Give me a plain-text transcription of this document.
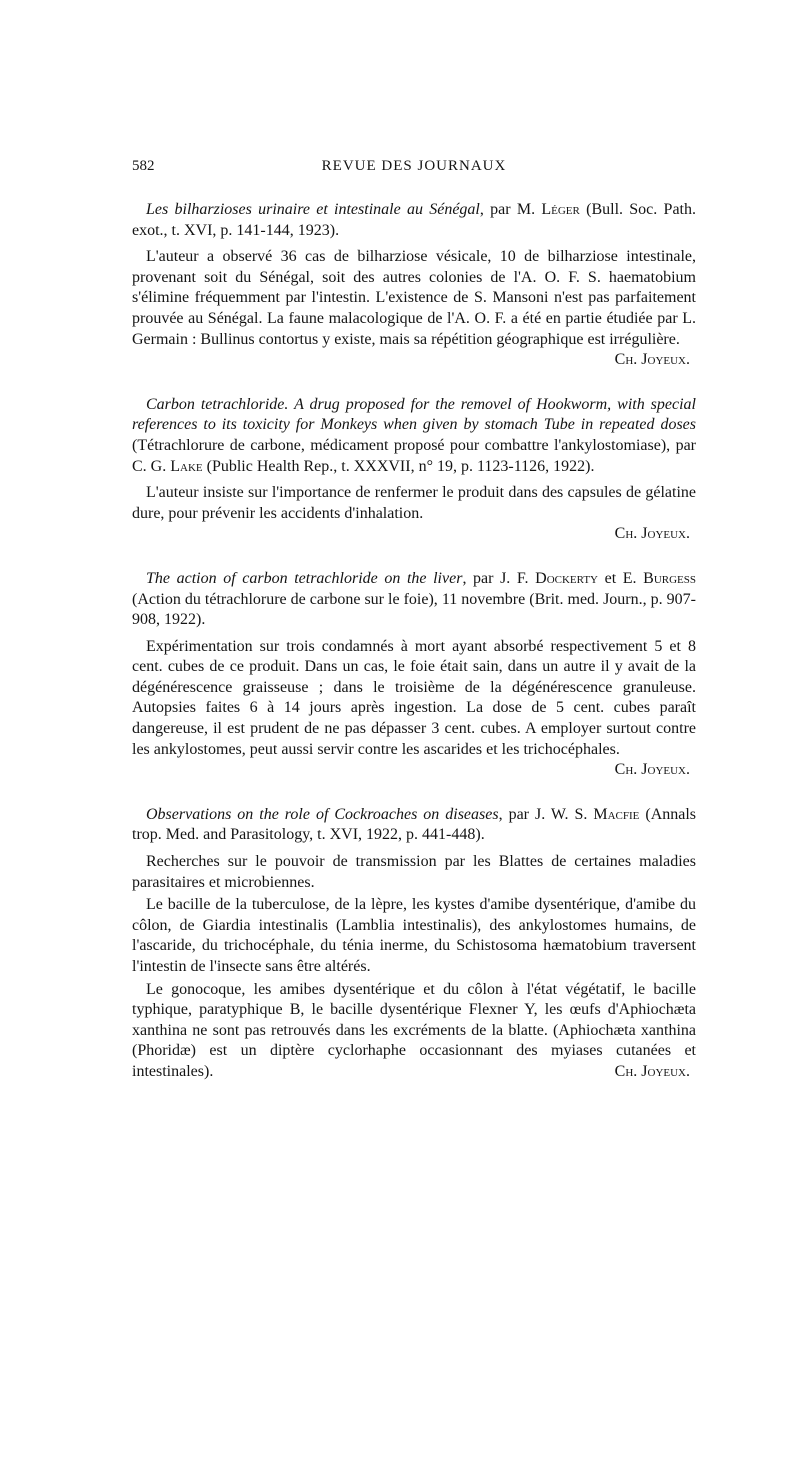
582	REVUE DES JOURNAUX

Les bilharzioses urinaire et intestinale au Sénégal, par M. Léger (Bull. Soc. Path. exot., t. XVI, p. 141-144, 1923).

L'auteur a observé 36 cas de bilharziose vésicale, 10 de bilharziose intestinale, provenant soit du Sénégal, soit des autres colonies de l'A. O. F. S. haematobium s'élimine fréquemment par l'intestin. L'existence de S. Mansoni n'est pas parfaitement prouvée au Sénégal. La faune malacologique de l'A. O. F. a été en partie étudiée par L. Germain : Bullinus contortus y existe, mais sa répétition géographique est irrégulière.

Ch. Joyeux.

Carbon tetrachloride. A drug proposed for the removel of Hookworm, with special references to its toxicity for Monkeys when given by stomach Tube in repeated doses (Tétrachlorure de carbone, médicament proposé pour combattre l'ankylostomiase), par C. G. Lake (Public Health Rep., t. XXXVII, n° 19, p. 1123-1126, 1922).

L'auteur insiste sur l'importance de renfermer le produit dans des capsules de gélatine dure, pour prévenir les accidents d'inhalation.

Ch. Joyeux.

The action of carbon tetrachloride on the liver, par J. F. Dockerty et E. Burgess (Action du tétrachlorure de carbone sur le foie), 11 novembre (Brit. med. Journ., p. 907-908, 1922).

Expérimentation sur trois condamnés à mort ayant absorbé respectivement 5 et 8 cent. cubes de ce produit. Dans un cas, le foie était sain, dans un autre il y avait de la dégénérescence graisseuse ; dans le troisième de la dégénérescence granuleuse. Autopsies faites 6 à 14 jours après ingestion. La dose de 5 cent. cubes paraît dangereuse, il est prudent de ne pas dépasser 3 cent. cubes. A employer surtout contre les ankylostomes, peut aussi servir contre les ascarides et les trichocéphales.
Ch. Joyeux.

Observations on the role of Cockroaches on diseases, par J. W. S. Macfie (Annals trop. Med. and Parasitology, t. XVI, 1922, p. 441-448).

Recherches sur le pouvoir de transmission par les Blattes de certaines maladies parasitaires et microbiennes.

Le bacille de la tuberculose, de la lèpre, les kystes d'amibe dysentérique, d'amibe du côlon, de Giardia intestinalis (Lamblia intestinalis), des ankylostomes humains, de l'ascaride, du trichocéphale, du ténia inerme, du Schistosoma hæmatobium traversent l'intestin de l'insecte sans être altérés.

Le gonocoque, les amibes dysentérique et du côlon à l'état végétatif, le bacille typhique, paratyphique B, le bacille dysentérique Flexner Y, les œufs d'Aphiochæta xanthina ne sont pas retrouvés dans les excréments de la blatte. (Aphiochæta xanthina (Phoridæ) est un diptère cyclorhaphe occasionnant des myiases cutanées et intestinales).	Ch. Joyeux.
